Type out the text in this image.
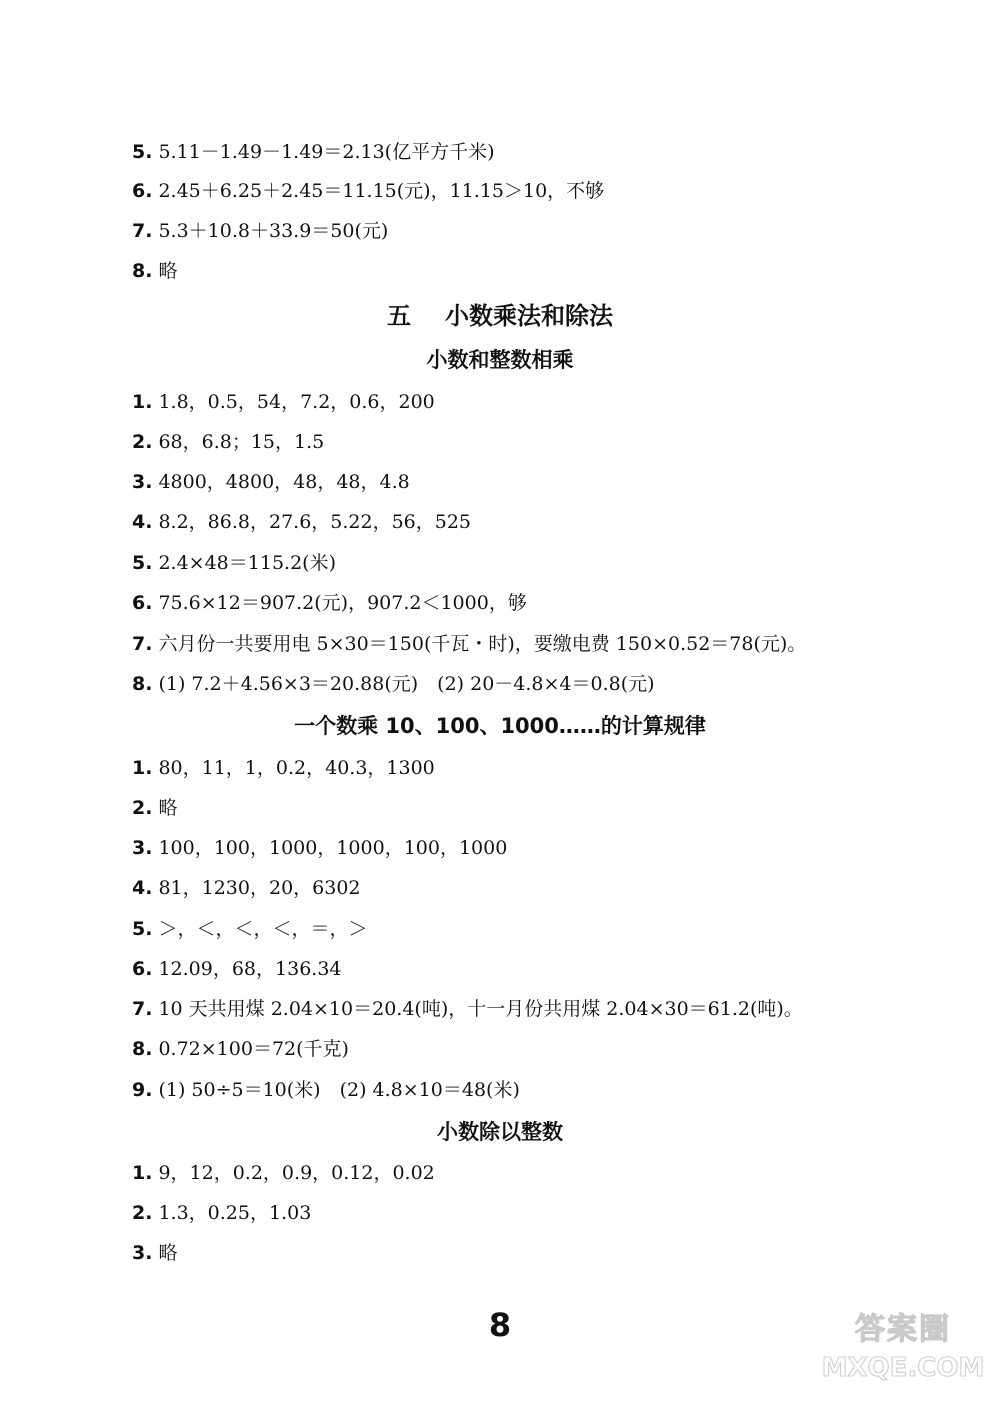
5. 5.11－1.49－1.49＝2.13(亿平方千米)
6. 2.45＋6.25＋2.45＝11.15(元)，11.15＞10，不够
7. 5.3＋10.8＋33.9＝50(元)
8. 略
五 小数乘法和除法
小数和整数相乘
1. 1.8，0.5，54，7.2，0.6，200
2. 68，6.8；15，1.5
3. 4800，4800，48，48，4.8
4. 8.2，86.8，27.6，5.22，56，525
5. 2.4×48＝115.2(米)
6. 75.6×12＝907.2(元)，907.2＜1000，够
7. 六月份一共要用电 5×30＝150(千瓦・时)，要缴电费 150×0.52＝78(元)。
8. (1) 7.2＋4.56×3＝20.88(元)　(2) 20－4.8×4＝0.8(元)
一个数乘 10、100、1000……的计算规律
1. 80，11，1，0.2，40.3，1300
2. 略
3. 100，100，1000，1000，100，1000
4. 81，1230，20，6302
5. ＞，＜，＜，＜，＝，＞
6. 12.09，68，136.34
7. 10 天共用煤 2.04×10＝20.4(吨)，十一月份共用煤 2.04×30＝61.2(吨)。
8. 0.72×100＝72(千克)
9. (1) 50÷5＝10(米)　(2) 4.8×10＝48(米)
小数除以整数
1. 9，12，0.2，0.9，0.12，0.02
2. 1.3，0.25，1.03
3. 略
8	答案圈
MXQE.COM
